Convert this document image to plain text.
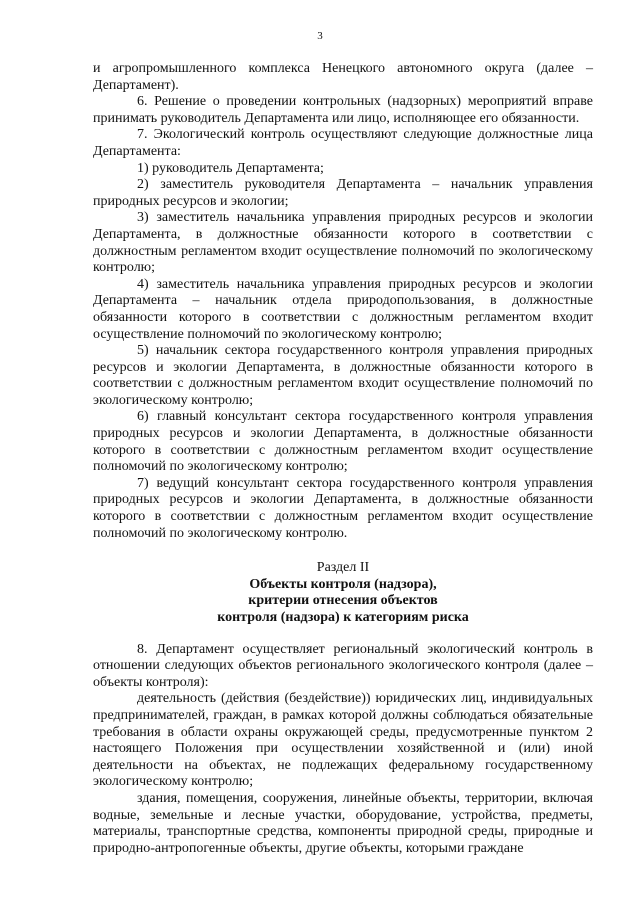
3

и агропромышленного комплекса Ненецкого автономного округа (далее – Департамент).

6. Решение о проведении контрольных (надзорных) мероприятий вправе принимать руководитель Департамента или лицо, исполняющее его обязанности.

7. Экологический контроль осуществляют следующие должностные лица Департамента:

1) руководитель Департамента;

2) заместитель руководителя Департамента – начальник управления природных ресурсов и экологии;

3) заместитель начальника управления природных ресурсов и экологии Департамента, в должностные обязанности которого в соответствии с должностным регламентом входит осуществление полномочий по экологическому контролю;

4) заместитель начальника управления природных ресурсов и экологии Департамента – начальник отдела природопользования, в должностные обязанности которого в соответствии с должностным регламентом входит осуществление полномочий по экологическому контролю;

5) начальник сектора государственного контроля управления природных ресурсов и экологии Департамента, в должностные обязанности которого в соответствии с должностным регламентом входит осуществление полномочий по экологическому контролю;

6) главный консультант сектора государственного контроля управления природных ресурсов и экологии Департамента, в должностные обязанности которого в соответствии с должностным регламентом входит осуществление полномочий по экологическому контролю;

7) ведущий консультант сектора государственного контроля управления природных ресурсов и экологии Департамента, в должностные обязанности которого в соответствии с должностным регламентом входит осуществление полномочий по экологическому контролю.

Раздел II
Объекты контроля (надзора),
критерии отнесения объектов
контроля (надзора) к категориям риска

8. Департамент осуществляет региональный экологический контроль в отношении следующих объектов регионального экологического контроля (далее – объекты контроля):

деятельность (действия (бездействие)) юридических лиц, индивидуальных предпринимателей, граждан, в рамках которой должны соблюдаться обязательные требования в области охраны окружающей среды, предусмотренные пунктом 2 настоящего Положения при осуществлении хозяйственной и (или) иной деятельности на объектах, не подлежащих федеральному государственному экологическому контролю;

здания, помещения, сооружения, линейные объекты, территории, включая водные, земельные и лесные участки, оборудование, устройства, предметы, материалы, транспортные средства, компоненты природной среды, природные и природно-антропогенные объекты, другие объекты, которыми граждане
